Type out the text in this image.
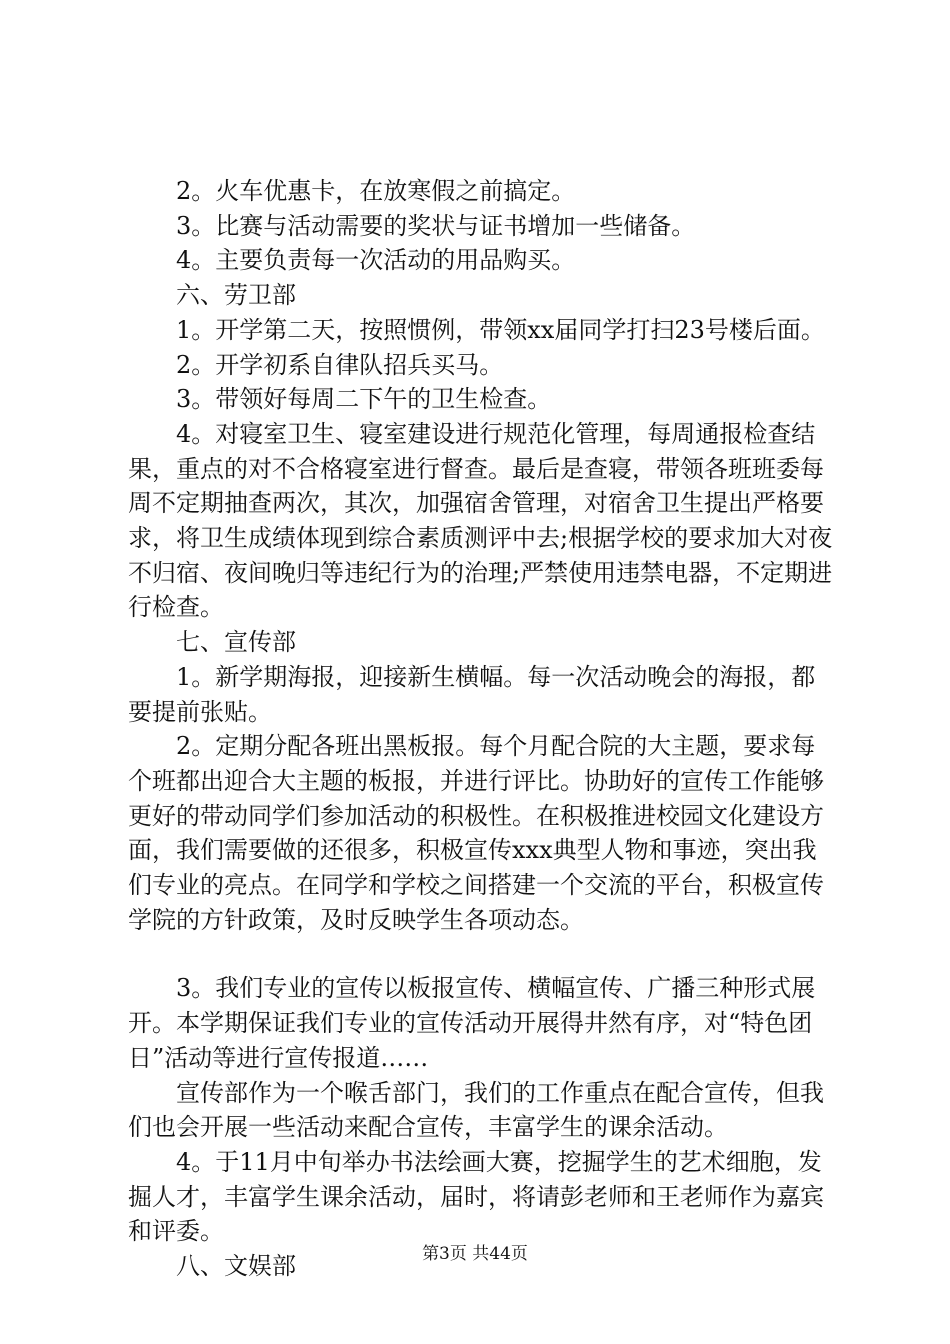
2。火车优惠卡，在放寒假之前搞定。

3。比赛与活动需要的奖状与证书增加一些储备。

4。主要负责每一次活动的用品购买。

六、劳卫部

1。开学第二天，按照惯例，带领xx届同学打扫23号楼后面。

2。开学初系自律队招兵买马。

3。带领好每周二下午的卫生检查。

4。对寝室卫生、寝室建设进行规范化管理，每周通报检查结果，重点的对不合格寝室进行督查。最后是查寝，带领各班班委每周不定期抽查两次，其次，加强宿舍管理，对宿舍卫生提出严格要求，将卫生成绩体现到综合素质测评中去;根据学校的要求加大对夜不归宿、夜间晚归等违纪行为的治理;严禁使用违禁电器，不定期进行检查。

七、宣传部

1。新学期海报，迎接新生横幅。每一次活动晚会的海报，都要提前张贴。

2。定期分配各班出黑板报。每个月配合院的大主题，要求每个班都出迎合大主题的板报，并进行评比。协助好的宣传工作能够更好的带动同学们参加活动的积极性。在积极推进校园文化建设方面，我们需要做的还很多，积极宣传xxx典型人物和事迹，突出我们专业的亮点。在同学和学校之间搭建一个交流的平台，积极宣传学院的方针政策，及时反映学生各项动态。

3。我们专业的宣传以板报宣传、横幅宣传、广播三种形式展开。本学期保证我们专业的宣传活动开展得井然有序，对“特色团日”活动等进行宣传报道……

宣传部作为一个喉舌部门，我们的工作重点在配合宣传，但我们也会开展一些活动来配合宣传，丰富学生的课余活动。

4。于11月中旬举办书法绘画大赛，挖掘学生的艺术细胞，发掘人才，丰富学生课余活动，届时，将请彭老师和王老师作为嘉宾和评委。

八、文娱部	第3页 共44页
